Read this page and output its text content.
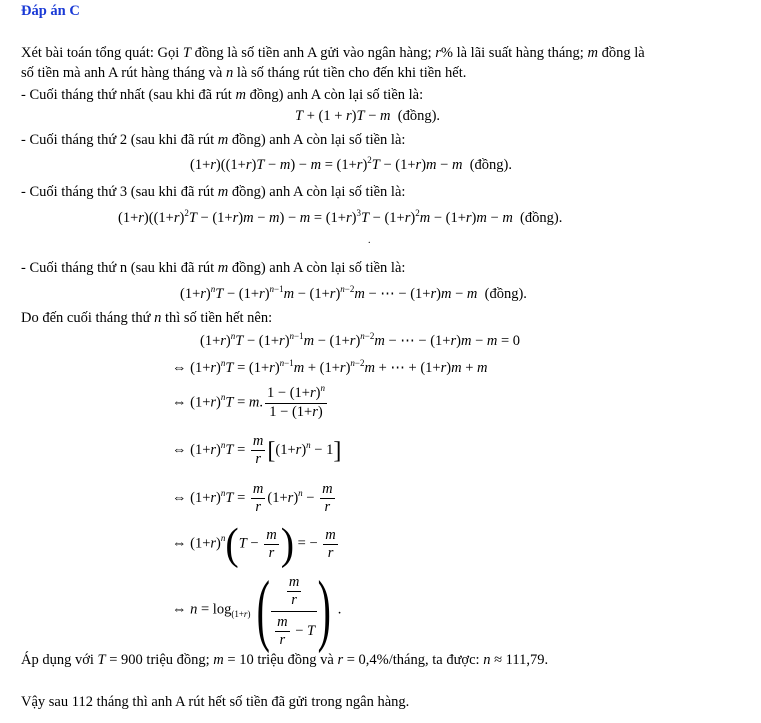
Đáp án C
Xét bài toán tổng quát: Gọi T đồng là số tiền anh A gửi vào ngân hàng; r% là lãi suất hàng tháng; m đồng là
số tiền mà anh A rút hàng tháng và n là số tháng rút tiền cho đến khi tiền hết.
- Cuối tháng thứ nhất (sau khi đã rút m đồng) anh A còn lại số tiền là:
T + (1 + r)T − m  (đồng).
- Cuối tháng thứ 2 (sau khi đã rút m đồng) anh A còn lại số tiền là:
$(1+r)((1+r)T - m) - m = (1+r)^2T - (1+r)m - m$  (đồng).
- Cuối tháng thứ 3 (sau khi đã rút m đồng) anh A còn lại số tiền là:
$(1+r)((1+r)^2T - (1+r)m - m) - m = (1+r)^3T - (1+r)^2m - (1+r)m - m$  (đồng).
.
- Cuối tháng thứ n (sau khi đã rút m đồng) anh A còn lại số tiền là:
$(1+r)^nT - (1+r)^{n-1}m - (1+r)^{n-2}m$ − ⋯ − (1+r)m − m  (đồng).
Do đến cuối tháng thứ n thì số tiền hết nên:
$(1+r)^nT - (1+r)^{n-1}m - (1+r)^{n-2}m$ − ⋯ − (1+r)m − m = 0
⇔ $(1+r)^nT = (1+r)^{n-1}m + (1+r)^{n-2}m$ + ⋯ + (1+r)m + m
⇔ $(1+r)^nT = m$. $\frac{1 - (1+r)^n}{1 - (1+r)}$
⇔ $(1+r)^nT = \frac{m}{r} [(1+r)^n - 1]$
⇔ $(1+r)^nT = \frac{m}{r} (1+r)^n - \frac{m}{r}$
⇔ $(1+r)^n(T - \frac{m}{r}$ ) = − $\frac{m}{r}$
⇔ $n = \log_{(1+r)}( \frac{\frac{m}{r}}{\frac{m}{r} - T}$ ) .
Áp dụng với T = 900 triệu đồng; m = 10 triệu đồng và r = 0,4%/tháng, ta được: n ≈ 111,79.
Vậy sau 112 tháng thì anh A rút hết số tiền đã gửi trong ngân hàng.
